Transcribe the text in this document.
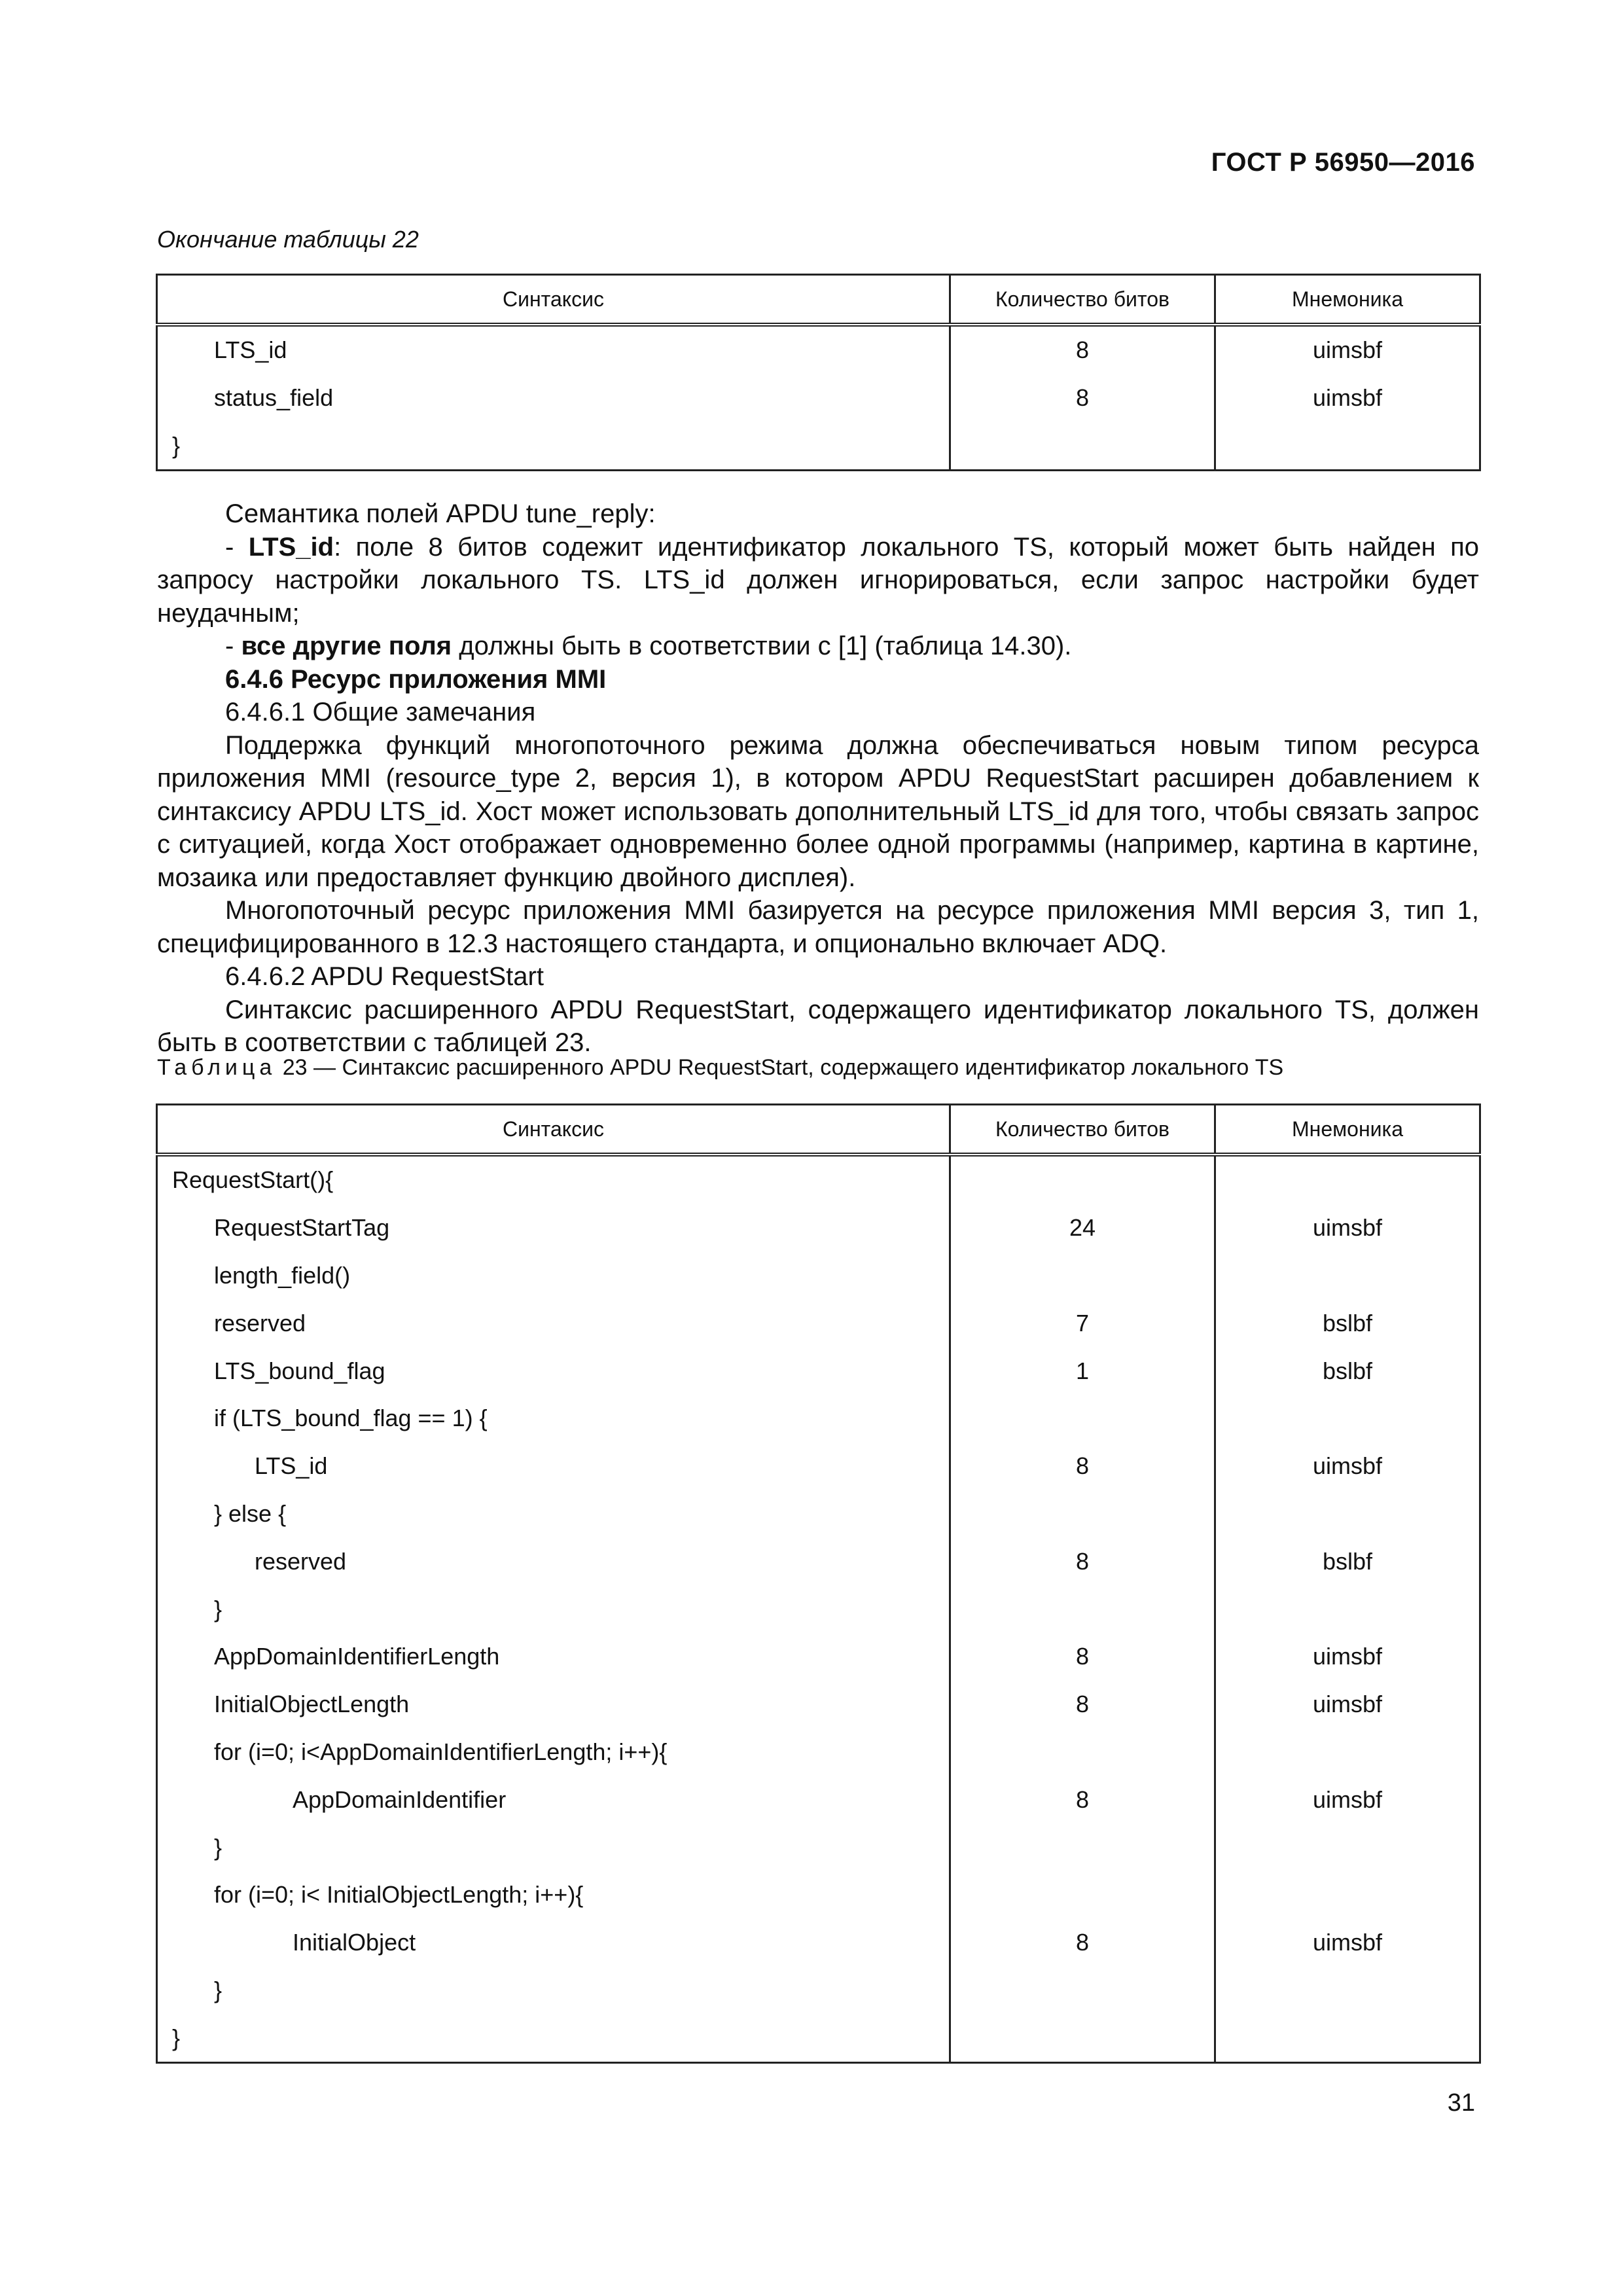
ГОСТ Р 56950—2016
Окончание таблицы 22
Синтаксис	Количество битов	Мнемоника
LTS_id	8	uimsbf
status_field	8	uimsbf
}		

Семантика полей APDU tune_reply:

- LTS_id: поле 8 битов содежит идентификатор локального TS, который может быть найден по запросу настройки локального TS. LTS_id должен игнорироваться, если запрос настройки будет неудачным;

- все другие поля должны быть в соответствии с [1] (таблица 14.30).

6.4.6 Ресурс приложения MMI

6.4.6.1 Общие замечания

Поддержка функций многопоточного режима должна обеспечиваться новым типом ресурса приложения MMI (resource_type 2, версия 1), в котором APDU RequestStart расширен добавлением к синтаксису APDU LTS_id. Хост может использовать дополнительный LTS_id для того, чтобы связать запрос с ситуацией, когда Хост отображает одновременно более одной программы (например, картина в картине, мозаика или предоставляет функцию двойного дисплея).

Многопоточный ресурс приложения MMI базируется на ресурсе приложения MMI версия 3, тип 1, специфицированного в 12.3 настоящего стандарта, и опционально включает ADQ.

6.4.6.2 APDU RequestStart

Синтаксис расширенного APDU RequestStart, содержащего идентификатор локального TS, должен быть в соответствии с таблицей 23.

Таблица 23 — Синтаксис расширенного APDU RequestStart, содержащего идентификатор локального TS
Синтаксис	Количество битов	Мнемоника
RequestStart(){		
RequestStartTag	24	uimsbf
length_field()		
reserved	7	bslbf
LTS_bound_flag	1	bslbf
if (LTS_bound_flag == 1) {		
LTS_id	8	uimsbf
} else {		
reserved	8	bslbf
}		
AppDomainIdentifierLength	8	uimsbf
InitialObjectLength	8	uimsbf
for (i=0; i<AppDomainIdentifierLength; i++){		
AppDomainIdentifier	8	uimsbf
}		
for (i=0; i< InitialObjectLength; i++){		
InitialObject	8	uimsbf
}		
}		
31
